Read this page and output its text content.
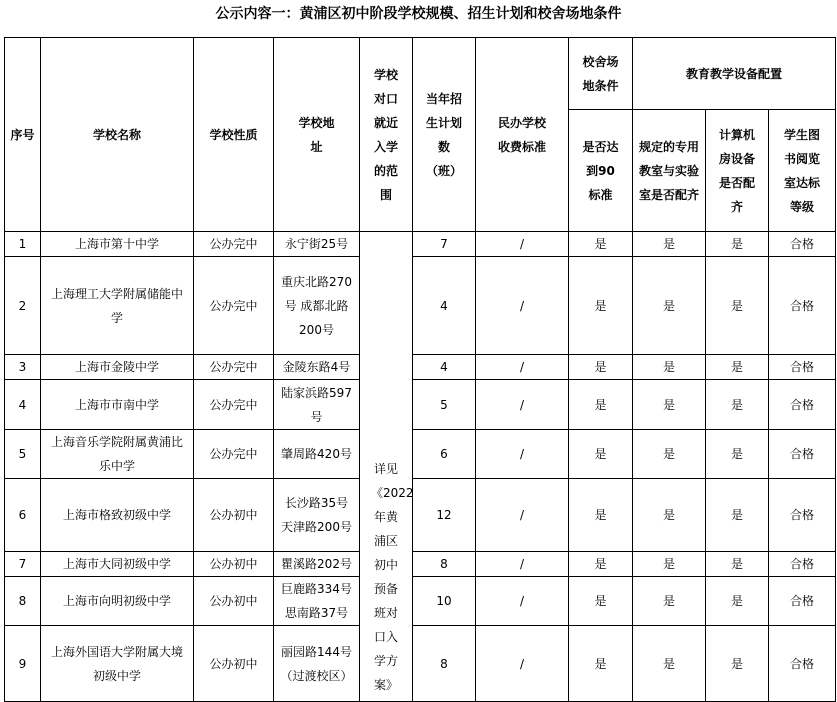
公示内容一：黄浦区初中阶段学校规模、招生计划和校舍场地条件
序号	学校名称	学校性质	学校地址	学校对口就近入学的范围	当年招生计划数（班）	民办学校收费标准	校舍场地条件	教育教学设备配置		

							是否达到90标准	规定的专用教室与实验室是否配齐	计算机房设备是否配齐	学生图书阅览室达标等级

1	上海市第十中学	公办完中	永宁街25号	详见《2022年黄浦区初中预备班对口入学方案》	7	/	是	是	是	合格
2	上海理工大学附属储能中学	公办完中	重庆北路270号 成都北路200号		4	/	是	是	是	合格
3	上海市金陵中学	公办完中	金陵东路4号		4	/	是	是	是	合格
4	上海市市南中学	公办完中	陆家浜路597号		5	/	是	是	是	合格
5	上海音乐学院附属黄浦比乐中学	公办完中	肇周路420号		6	/	是	是	是	合格
6	上海市格致初级中学	公办初中	长沙路35号 天津路200号		12	/	是	是	是	合格
7	上海市大同初级中学	公办初中	瞿溪路202号		8	/	是	是	是	合格
8	上海市向明初级中学	公办初中	巨鹿路334号 思南路37号		10	/	是	是	是	合格
9	上海外国语大学附属大境初级中学	公办初中	丽园路144号（过渡校区）		8	/	是	是	是	合格
